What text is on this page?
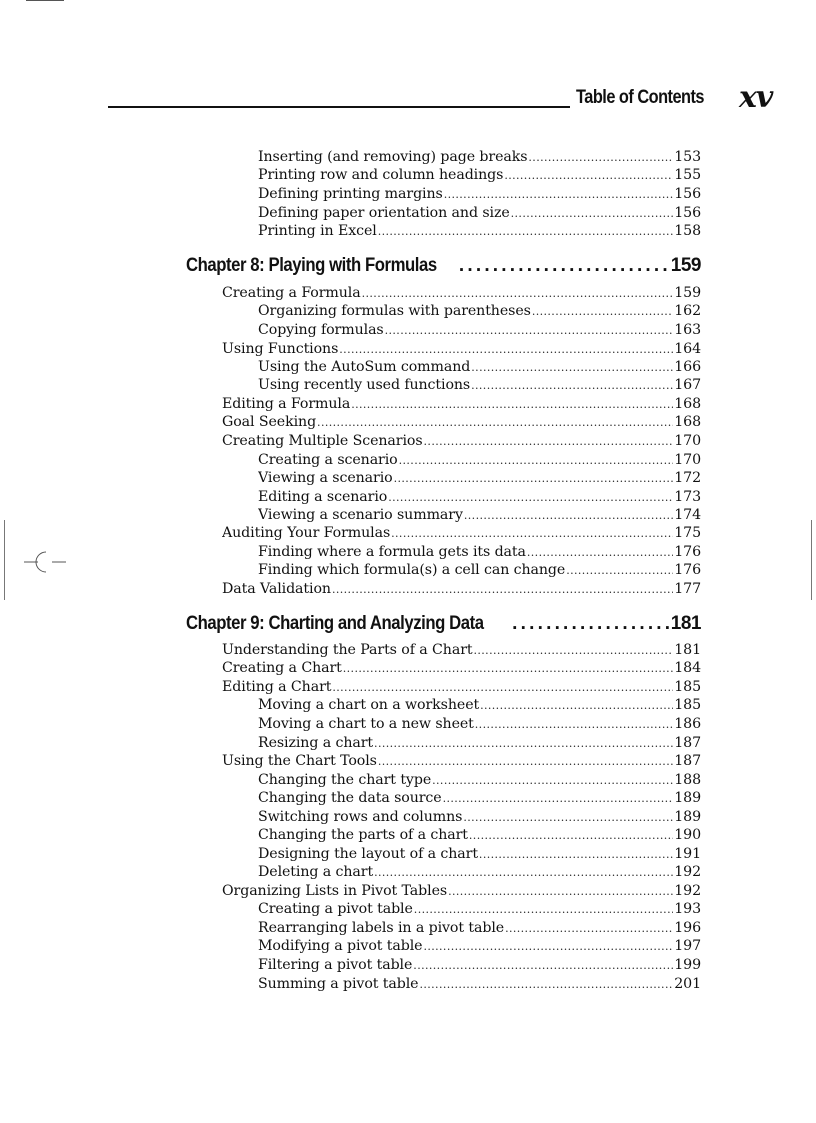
Table of Contents xv
Inserting (and removing) page breaks .....	153
Printing row and column headings .....	155
Defining printing margins .....	156
Defining paper orientation and size .....	156
Printing in Excel .....	158
Chapter 8: Playing with Formulas .....	159
Creating a Formula .....	159
Organizing formulas with parentheses .....	162
Copying formulas .....	163
Using Functions .....	164
Using the AutoSum command .....	166
Using recently used functions .....	167
Editing a Formula .....	168
Goal Seeking .....	168
Creating Multiple Scenarios .....	170
Creating a scenario .....	170
Viewing a scenario .....	172
Editing a scenario .....	173
Viewing a scenario summary .....	174
Auditing Your Formulas .....	175
Finding where a formula gets its data .....	176
Finding which formula(s) a cell can change .....	176
Data Validation .....	177
Chapter 9: Charting and Analyzing Data .....	181
Understanding the Parts of a Chart .....	181
Creating a Chart .....	184
Editing a Chart .....	185
Moving a chart on a worksheet .....	185
Moving a chart to a new sheet .....	186
Resizing a chart .....	187
Using the Chart Tools .....	187
Changing the chart type .....	188
Changing the data source .....	189
Switching rows and columns .....	189
Changing the parts of a chart .....	190
Designing the layout of a chart .....	191
Deleting a chart .....	192
Organizing Lists in Pivot Tables .....	192
Creating a pivot table .....	193
Rearranging labels in a pivot table .....	196
Modifying a pivot table .....	197
Filtering a pivot table .....	199
Summing a pivot table .....	201
